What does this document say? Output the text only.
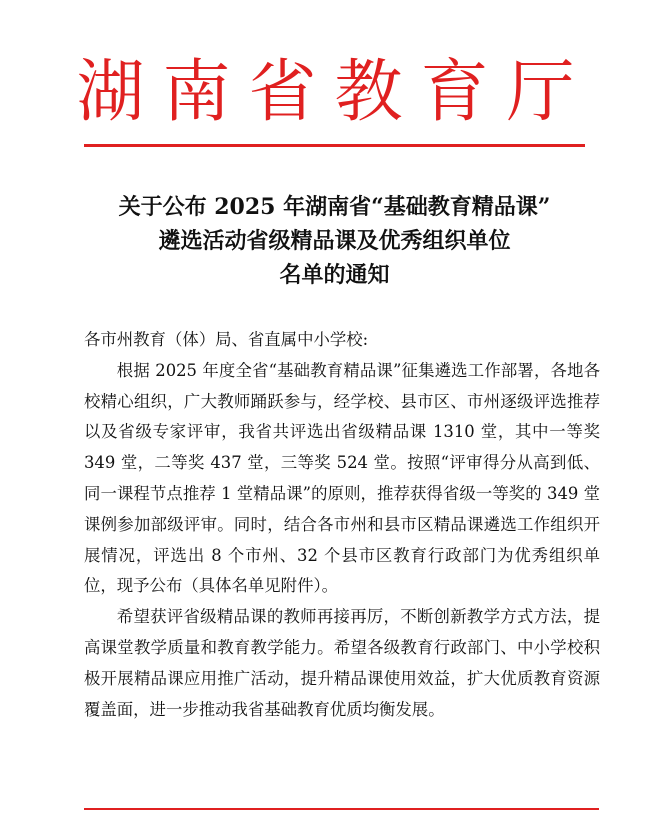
湖南省教育厅
关于公布 2025 年湖南省“基础教育精品课”
遴选活动省级精品课及优秀组织单位
名单的通知
各市州教育（体）局、省直属中小学校:

根据 2025 年度全省“基础教育精品课”征集遴选工作部署，各地各校精心组织，广大教师踊跃参与，经学校、县市区、市州逐级评选推荐以及省级专家评审，我省共评选出省级精品课 1310 堂，其中一等奖 349 堂，二等奖 437 堂，三等奖 524 堂。按照“评审得分从高到低、同一课程节点推荐 1 堂精品课”的原则，推荐获得省级一等奖的 349 堂课例参加部级评审。同时，结合各市州和县市区精品课遴选工作组织开展情况，评选出 8 个市州、32 个县市区教育行政部门为优秀组织单位，现予公布（具体名单见附件）。

希望获评省级精品课的教师再接再厉，不断创新教学方式方法，提高课堂教学质量和教育教学能力。希望各级教育行政部门、中小学校积极开展精品课应用推广活动，提升精品课使用效益，扩大优质教育资源覆盖面，进一步推动我省基础教育优质均衡发展。
